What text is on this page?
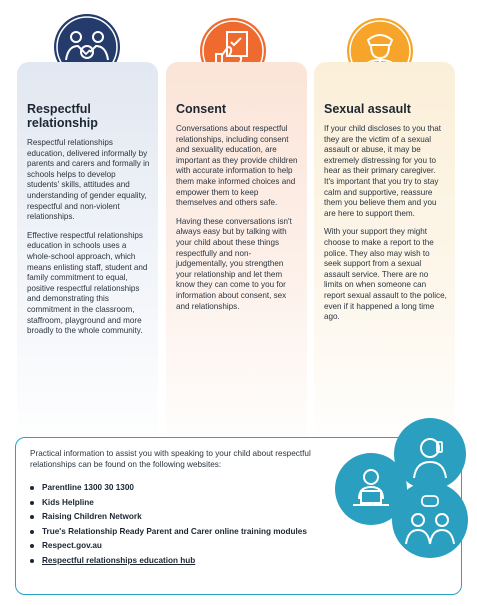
Respectful
relationship

Respectful relationships education, delivered informally by parents and carers and formally in schools helps to develop students' skills, attitudes and understanding of gender equality, respectful and non-violent relationships.

Effective respectful relationships education in schools uses a whole-school approach, which means enlisting staff, student and family commitment to equal, positive respectful relationships and demonstrating this commitment in the classroom, staffroom, playground and more broadly to the whole community.

Consent

Conversations about respectful relationships, including consent and sexuality education, are important as they provide children with accurate information to help them make informed choices and empower them to keep themselves and others safe.

Having these conversations isn't always easy but by talking with your child about these things respectfully and non-judgementally, you strengthen your relationship and let them know they can come to you for information about consent, sex and relationships.

Sexual assault

If your child discloses to you that they are the victim of a sexual assault or abuse, it may be extremely distressing for you to hear as their primary caregiver. It's important that you try to stay calm and supportive, reassure them you believe them and you are here to support them.

With your support they might choose to make a report to the police. They also may wish to seek support from a sexual assault service. There are no limits on when someone can report sexual assault to the police, even if it happened a long time ago.

Practical information to assist you with speaking to your child about respectful relationships can be found on the following websites:
Parentline 1300 30 1300
Kids Helpline
Raising Children Network
True's Relationship Ready Parent and Carer online training modules
Respect.gov.au
Respectful relationships education hub
